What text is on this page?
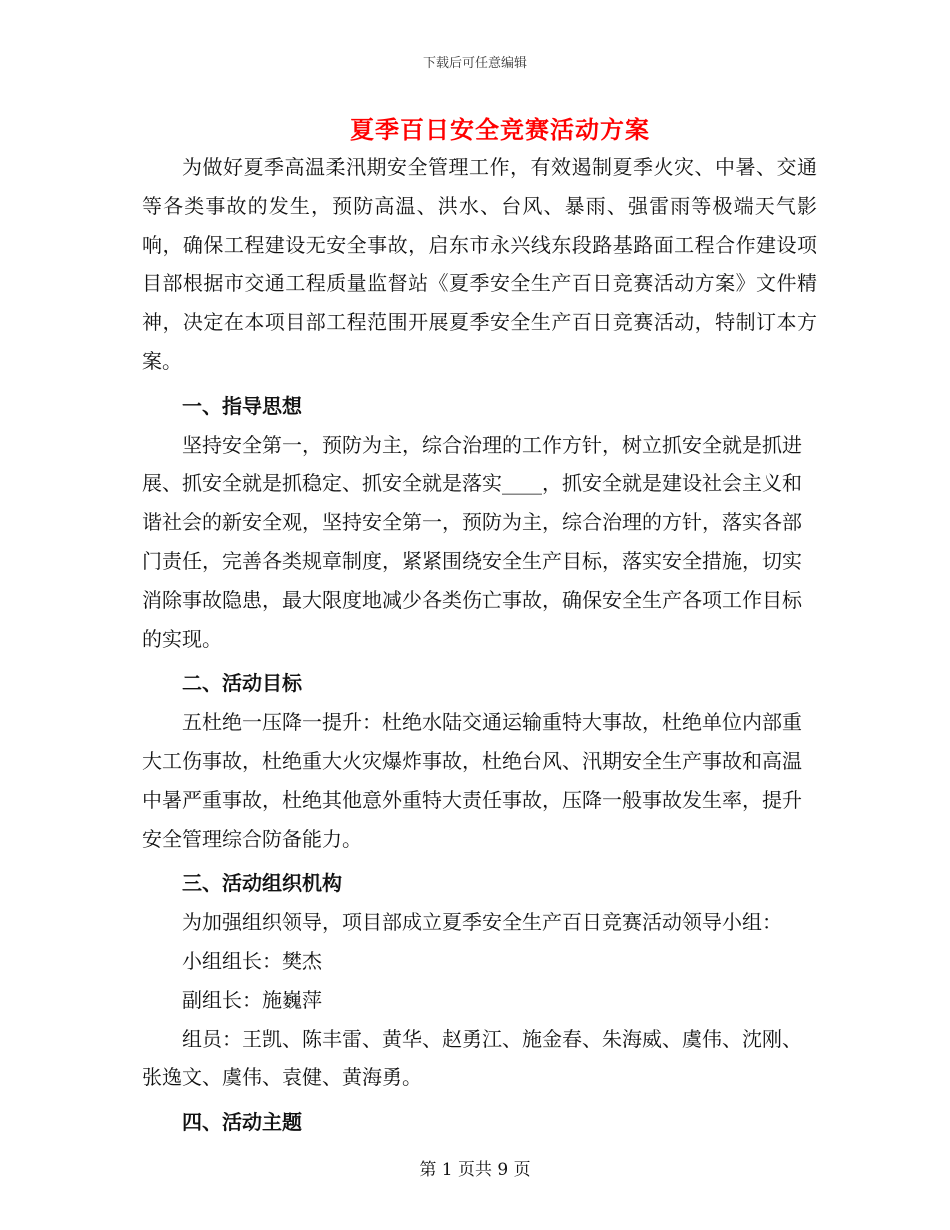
下载后可任意编辑
夏季百日安全竞赛活动方案

为做好夏季高温柔汛期安全管理工作，有效遏制夏季火灾、中暑、交通等各类事故的发生，预防高温、洪水、台风、暴雨、强雷雨等极端天气影响，确保工程建设无安全事故，启东市永兴线东段路基路面工程合作建设项目部根据市交通工程质量监督站《夏季安全生产百日竞赛活动方案》文件精神，决定在本项目部工程范围开展夏季安全生产百日竞赛活动，特制订本方案。

一、指导思想

坚持安全第一，预防为主，综合治理的工作方针，树立抓安全就是抓进展、抓安全就是抓稳定、抓安全就是落实____，抓安全就是建设社会主义和谐社会的新安全观，坚持安全第一，预防为主，综合治理的方针，落实各部门责任，完善各类规章制度，紧紧围绕安全生产目标，落实安全措施，切实消除事故隐患，最大限度地减少各类伤亡事故，确保安全生产各项工作目标的实现。

二、活动目标

五杜绝一压降一提升：杜绝水陆交通运输重特大事故，杜绝单位内部重大工伤事故，杜绝重大火灾爆炸事故，杜绝台风、汛期安全生产事故和高温中暑严重事故，杜绝其他意外重特大责任事故，压降一般事故发生率，提升安全管理综合防备能力。

三、活动组织机构

为加强组织领导，项目部成立夏季安全生产百日竞赛活动领导小组：

小组组长：樊杰

副组长：施巍萍

组员：王凯、陈丰雷、黄华、赵勇江、施金春、朱海威、虞伟、沈刚、张逸文、虞伟、袁健、黄海勇。

四、活动主题

第 1 页共 9 页
